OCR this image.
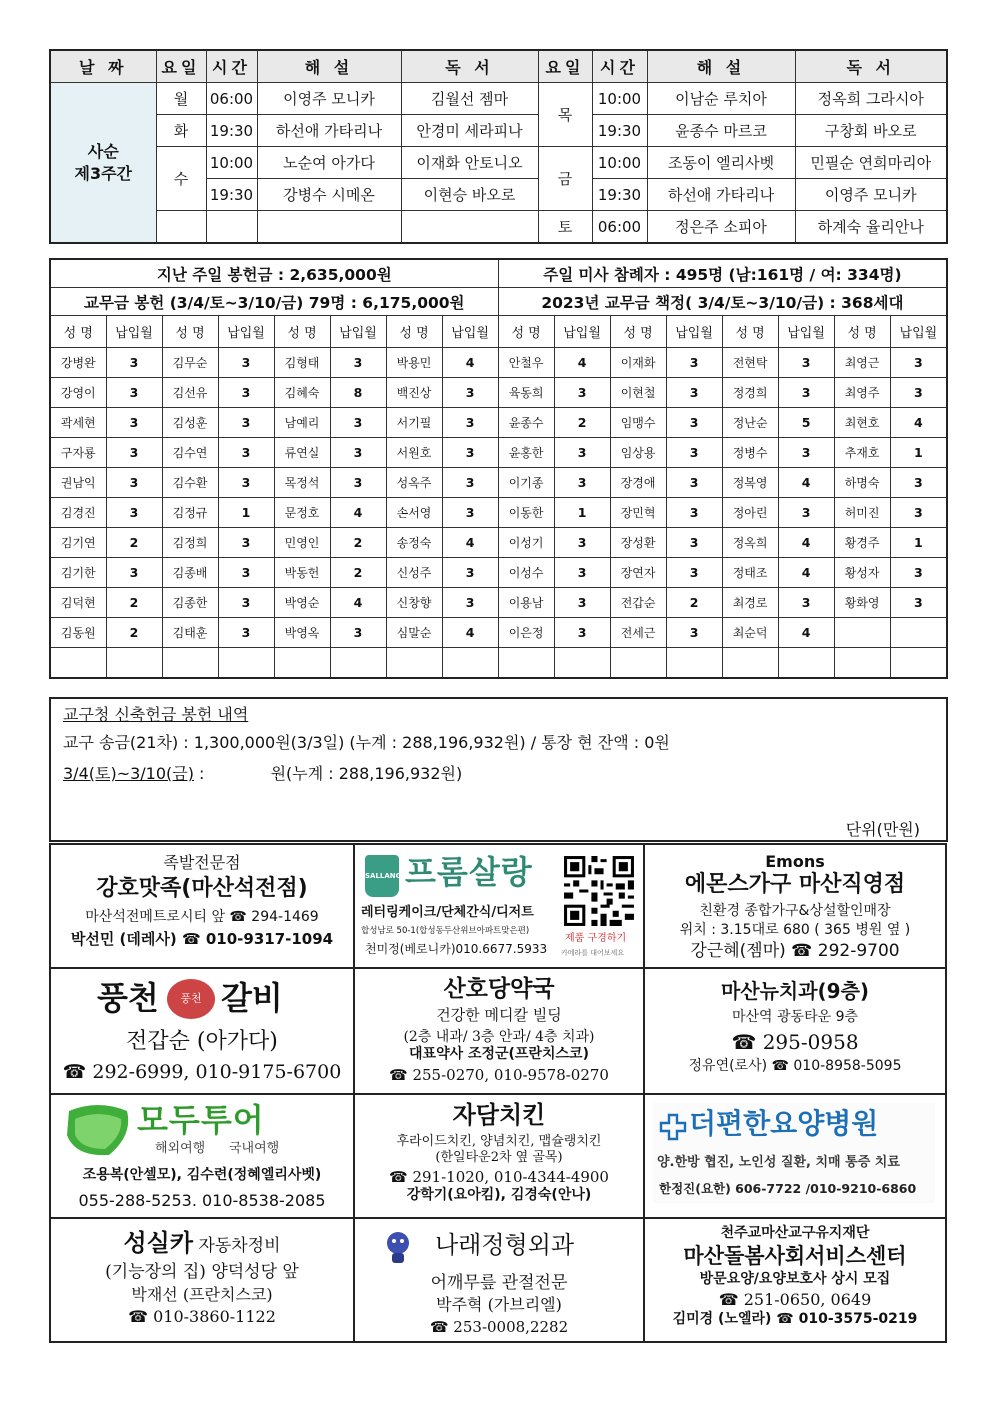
날 짜	요일	시간	해 설	독 서	요일	시간	해 설	독 서
사순
제3주간	월	06:00	이영주 모니카	김월선 젬마	목	10:00	이남순 루치아	정옥희 그라시아
	화	19:30	하선애 가타리나	안경미 세라피나		19:30	윤종수 마르코	구창회 바오로
	수	10:00	노순여 아가다	이재화 안토니오	금	10:00	조동이 엘리사벳	민필순 연희마리아
		19:30	강병수 시메온	이현승 바오로		19:30	하선애 가타리나	이영주 모니카
					토	06:00	정은주 소피아	하계숙 율리안나
지난 주일 봉헌금 : 2,635,000원								주일 미사 참례자 : 495명 (남:161명 / 여: 334명)							
교무금 봉헌 (3/4/토~3/10/금) 79명 : 6,175,000원								2023년 교무금 책정( 3/4/토~3/10/금) : 368세대							
성 명	납입월	성 명	납입월	성 명	납입월	성 명	납입월	성 명	납입월	성 명	납입월	성 명	납입월	성 명	납입월
강병완	3	김무순	3	김형태	3	박용민	4	안철우	4	이재화	3	전현탁	3	최영근	3
강영이	3	김선유	3	김혜숙	8	백진상	3	육동희	3	이현철	3	정경희	3	최영주	3
곽세현	3	김성훈	3	남예리	3	서기필	3	윤종수	2	임맹수	3	정난순	5	최현호	4
구자룡	3	김수연	3	류연실	3	서원호	3	윤홍한	3	임상용	3	정병수	3	추재호	1
권남익	3	김수환	3	목정석	3	성옥주	3	이기종	3	장경애	3	정복영	4	하명숙	3
김경진	3	김정규	1	문정호	4	손서영	3	이동한	1	장민혁	3	정아린	3	허미진	3
김기연	2	김정희	3	민영인	2	송정숙	4	이성기	3	장성환	3	정옥희	4	황경주	1
김기한	3	김종배	3	박동헌	2	신성주	3	이성수	3	장연자	3	정태조	4	황성자	3
김덕현	2	김종한	3	박영순	4	신창향	3	이용남	3	전갑순	2	최경로	3	황화영	3
김동원	2	김태훈	3	박영옥	3	심말순	4	이은정	3	전세근	3	최순덕	4		

교구청 신축헌금 봉헌 내역
교구 송금(21차) : 1,300,000원(3/3일) (누계 : 288,196,932원) / 통장 현 잔액 : 0원
3/4(토)~3/10(금) :             원(누계 : 288,196,932원)
단위(만원)
족발전문점
강호맛족(마산석전점)
마산석전메트로시티 앞 ☎ 294-1469
박선민 (데레사) ☎ 010-9317-1094
SALLANG 프롬살랑
레터링케이크/단체간식/디저트
합성남로 50-1(합성동두산위브아파트맞은편)
천미정(베로니카)010.6677.5933
제품 구경하기
카메라를 대어보세요
Emons
에몬스가구 마산직영점
친환경 종합가구&상설할인매장
위치 : 3.15대로 680 ( 365 병원 옆 )
강근혜(젬마) ☎ 292-9700
풍천	풍천 갈비
전갑순 (아가다)
☎ 292-6999, 010-9175-6700
산호당약국
건강한 메디칼 빌딩
(2층 내과/ 3층 안과/ 4층 치과)
대표약사 조정군(프란치스코)
☎ 255-0270, 010-9578-0270
마산뉴치과(9층)
마산역 광동타운 9층
☎ 295-0958
정유연(로사) ☎ 010-8958-5095
모두투어
해외여행 국내여행
조용복(안셀모), 김수련(정혜엘리사벳)
055-288-5253. 010-8538-2085
자담치킨
후라이드치킨, 양념치킨, 맵슐랭치킨
(한일타운2차 옆 골목)
☎ 291-1020, 010-4344-4900
강학기(요아킴), 김경숙(안나)
더편한요양병원
양.한방 협진, 노인성 질환, 치매 통증 치료
한정진(요한) 606-7722 /010-9210-6860
성실카 자동차정비
(기능장의 집) 양덕성당 앞
박재선 (프란치스코)
☎ 010-3860-1122
나래정형외과
어깨무릎 관절전문
박주혁 (가브리엘)
☎ 253-0008,2282
천주교마산교구유지재단
마산돌봄사회서비스센터
방문요양/요양보호사 상시 모집
☎ 251-0650, 0649
김미경 (노엘라) ☎ 010-3575-0219
